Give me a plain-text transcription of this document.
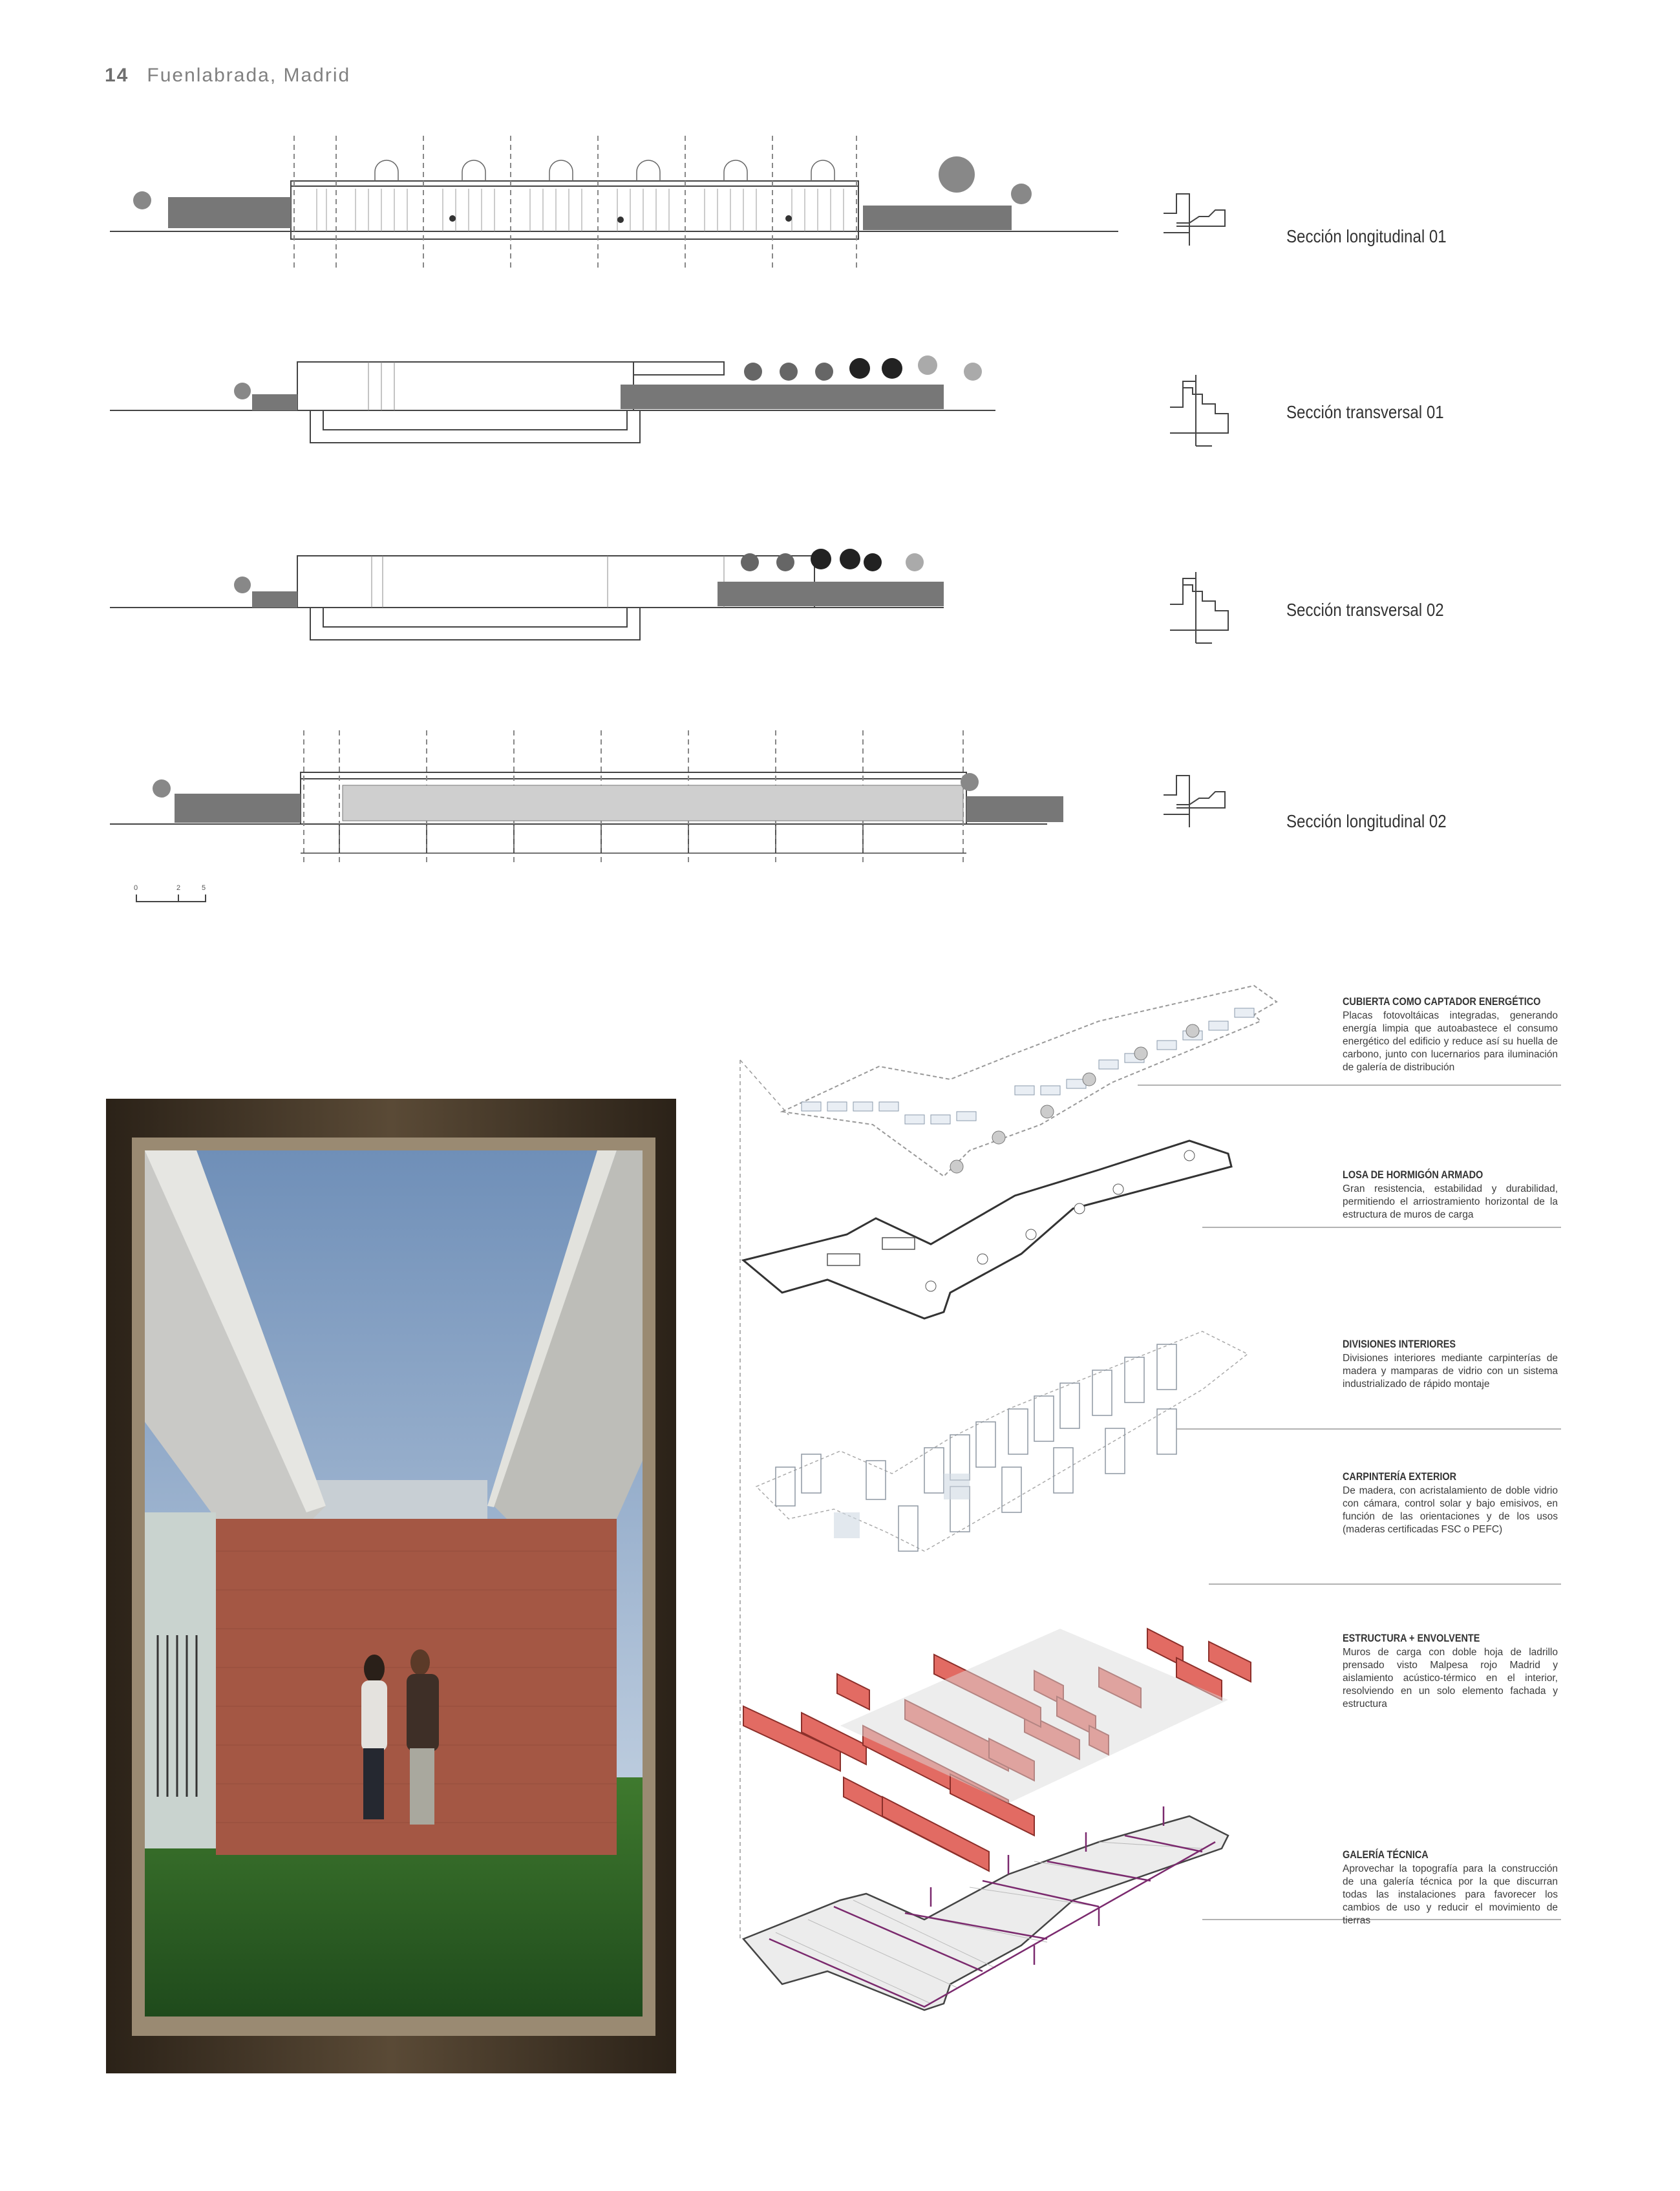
14 Fuenlabrada, Madrid
Sección longitudinal 01
Sección transversal 01
Sección transversal 02
Sección longitudinal 02
0	2	5
CUBIERTA COMO CAPTADOR ENERGÉTICO
Placas fotovoltáicas integradas, generando energía limpia que autoabastece el consumo energético del edificio y reduce así su huella de carbono, junto con lucernarios para iluminación de galería de distribución
LOSA DE HORMIGÓN ARMADO
Gran resistencia, estabilidad y durabilidad, permitiendo el arriostramiento horizontal de la estructura de muros de carga
DIVISIONES INTERIORES
Divisiones interiores mediante carpinterías de madera y mamparas de vidrio con un sistema industrializado de rápido montaje
CARPINTERÍA EXTERIOR
De madera, con acristalamiento de doble vidrio con cámara, control solar y bajo emisivos, en función de las orientaciones y de los usos (maderas certificadas FSC o PEFC)
ESTRUCTURA + ENVOLVENTE
Muros de carga con doble hoja de ladrillo prensado visto Malpesa rojo Madrid y aislamiento acústico-térmico en el interior, resolviendo en un solo elemento fachada y estructura
GALERÍA TÉCNICA
Aprovechar la topografía para la construcción de una galería técnica por la que discurran todas las instalaciones para favorecer los cambios de uso y reducir el movimiento de tierras
